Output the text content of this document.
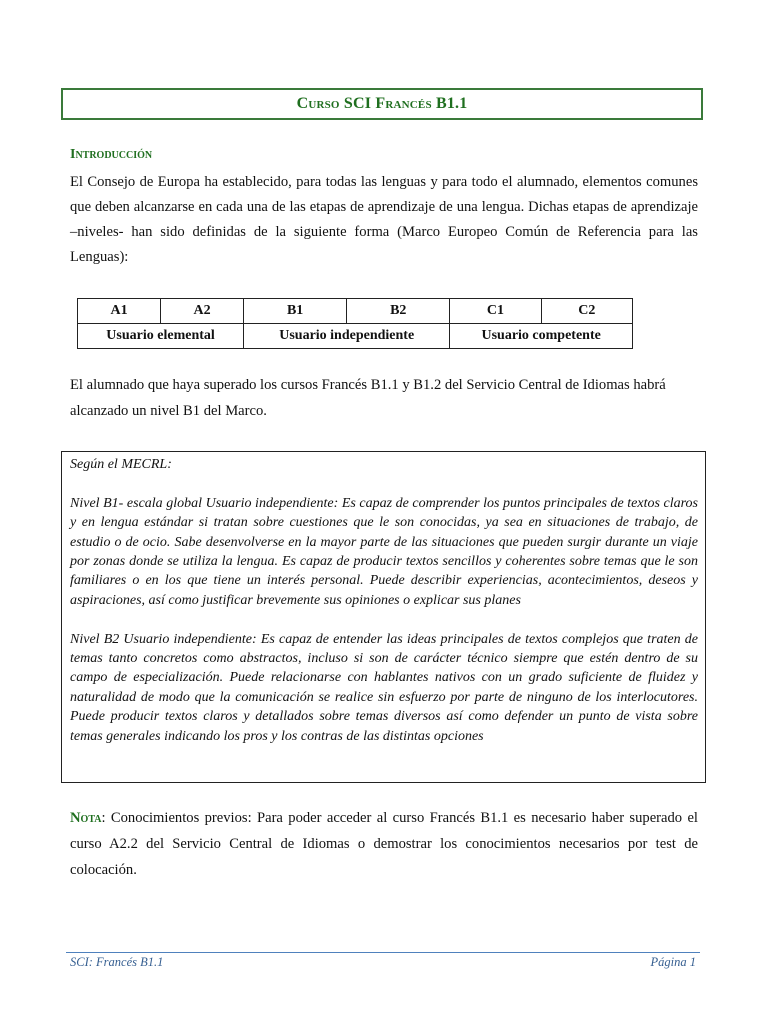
Curso SCI Francés B1.1
Introducción

El Consejo de Europa ha establecido, para todas las lenguas y para todo el alumnado, elementos comunes que deben alcanzarse en cada una de las etapas de aprendizaje de una lengua. Dichas etapas de aprendizaje –niveles- han sido definidas de la siguiente forma (Marco Europeo Común de Referencia para las Lenguas):

A1	A2	B1	B2	C1	C2
Usuario elemental		Usuario independiente		Usuario competente	

El alumnado que haya superado los cursos Francés B1.1 y B1.2 del Servicio Central de Idiomas habrá alcanzado un nivel B1 del Marco.

Según el MECRL:

Nivel B1- escala global Usuario independiente: Es capaz de comprender los puntos principales de textos claros y en lengua estándar si tratan sobre cuestiones que le son conocidas, ya sea en situaciones de trabajo, de estudio o de ocio. Sabe desenvolverse en la mayor parte de las situaciones que pueden surgir durante un viaje por zonas donde se utiliza la lengua. Es capaz de producir textos sencillos y coherentes sobre temas que le son familiares o en los que tiene un interés personal. Puede describir experiencias, acontecimientos, deseos y aspiraciones, así como justificar brevemente sus opiniones o explicar sus planes

Nivel B2 Usuario independiente: Es capaz de entender las ideas principales de textos complejos que traten de temas tanto concretos como abstractos, incluso si son de carácter técnico siempre que estén dentro de su campo de especialización. Puede relacionarse con hablantes nativos con un grado suficiente de fluidez y naturalidad de modo que la comunicación se realice sin esfuerzo por parte de ninguno de los interlocutores. Puede producir textos claros y detallados sobre temas diversos así como defender un punto de vista sobre temas generales indicando los pros y los contras de las distintas opciones

Nota: Conocimientos previos: Para poder acceder al curso Francés B1.1 es necesario haber superado el curso A2.2 del Servicio Central de Idiomas o demostrar los conocimientos necesarios por test de colocación.

SCI: Francés B1.1	Página 1
